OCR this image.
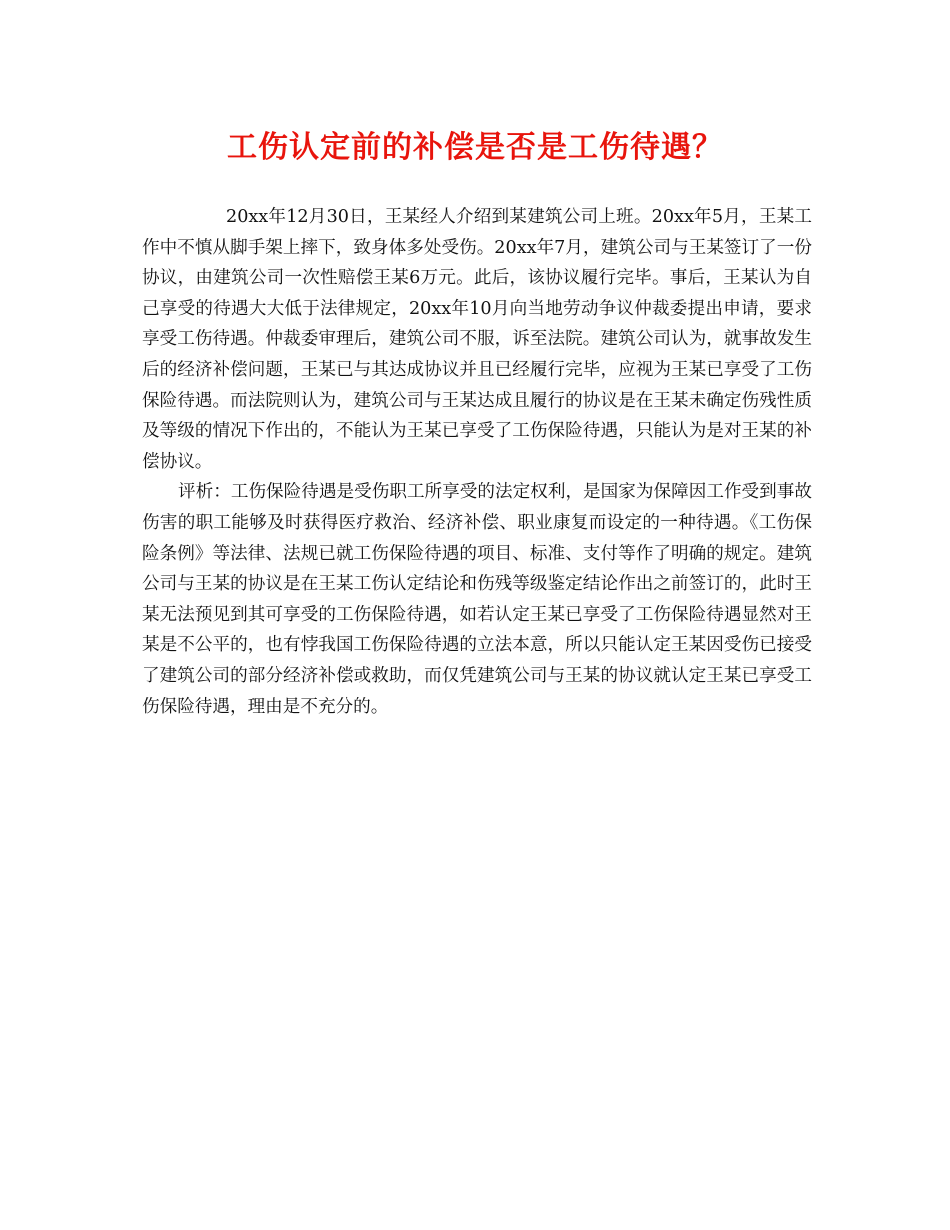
工伤认定前的补偿是否是工伤待遇？

20xx年12月30日，王某经人介绍到某建筑公司上班。20xx年5月，王某工作中不慎从脚手架上摔下，致身体多处受伤。20xx年7月，建筑公司与王某签订了一份协议，由建筑公司一次性赔偿王某6万元。此后，该协议履行完毕。事后，王某认为自己享受的待遇大大低于法律规定，20xx年10月向当地劳动争议仲裁委提出申请，要求享受工伤待遇。仲裁委审理后，建筑公司不服，诉至法院。建筑公司认为，就事故发生后的经济补偿问题，王某已与其达成协议并且已经履行完毕，应视为王某已享受了工伤保险待遇。而法院则认为，建筑公司与王某达成且履行的协议是在王某未确定伤残性质及等级的情况下作出的，不能认为王某已享受了工伤保险待遇，只能认为是对王某的补偿协议。

评析：工伤保险待遇是受伤职工所享受的法定权利，是国家为保障因工作受到事故伤害的职工能够及时获得医疗救治、经济补偿、职业康复而设定的一种待遇。《工伤保险条例》等法律、法规已就工伤保险待遇的项目、标准、支付等作了明确的规定。建筑公司与王某的协议是在王某工伤认定结论和伤残等级鉴定结论作出之前签订的，此时王某无法预见到其可享受的工伤保险待遇，如若认定王某已享受了工伤保险待遇显然对王某是不公平的，也有悖我国工伤保险待遇的立法本意，所以只能认定王某因受伤已接受了建筑公司的部分经济补偿或救助，而仅凭建筑公司与王某的协议就认定王某已享受工伤保险待遇，理由是不充分的。
